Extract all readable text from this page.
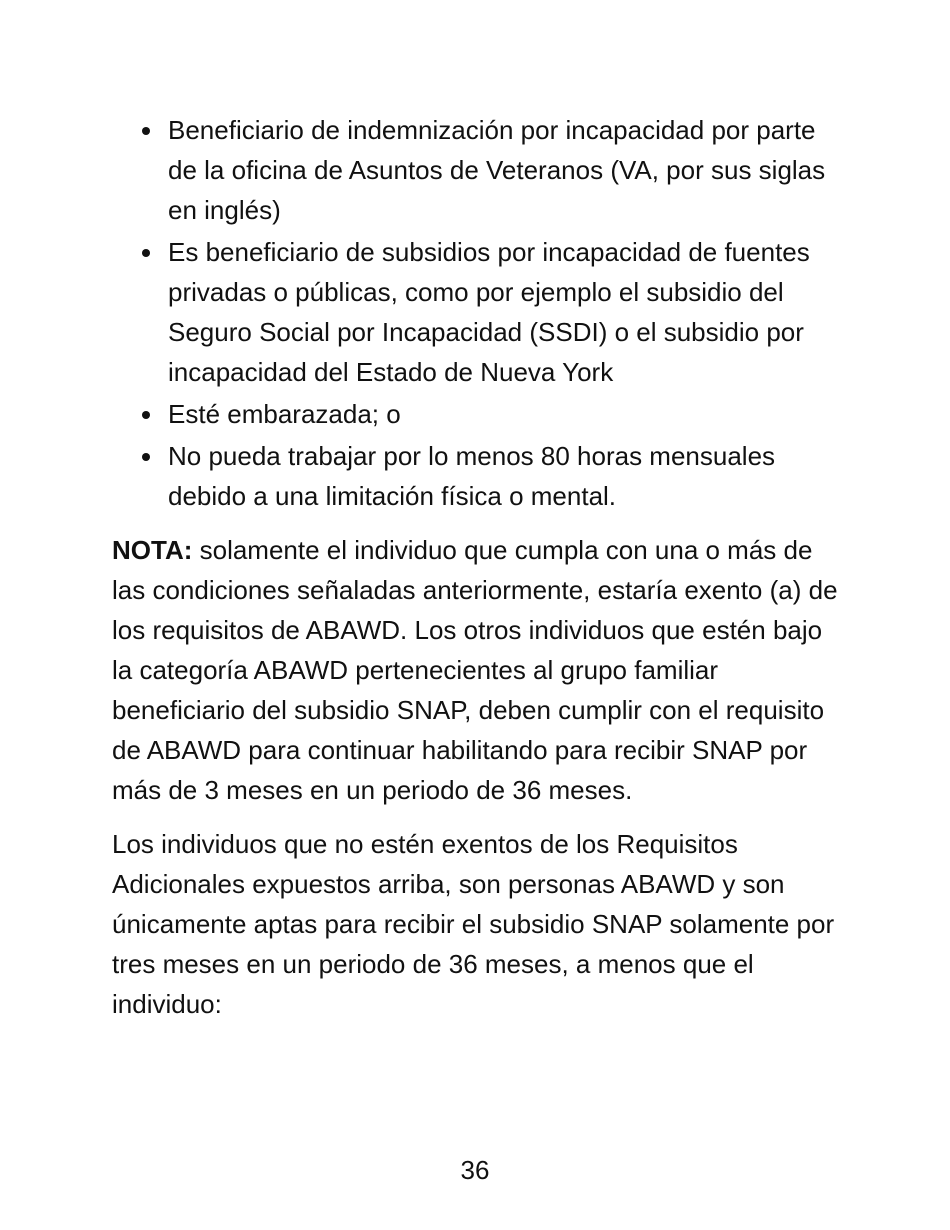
Beneficiario de indemnización por incapacidad por parte de la oficina de Asuntos de Veteranos (VA, por sus siglas en inglés)
Es beneficiario de subsidios por incapacidad de fuentes privadas o públicas, como por ejemplo el subsidio del Seguro Social por Incapacidad (SSDI) o el subsidio por incapacidad del Estado de Nueva York
Esté embarazada; o
No pueda trabajar por lo menos 80 horas mensuales debido a una limitación física o mental.

NOTA: solamente el individuo que cumpla con una o más de las condiciones señaladas anteriormente, estaría exento (a) de los requisitos de ABAWD. Los otros individuos que estén bajo la categoría ABAWD pertenecientes al grupo familiar beneficiario del subsidio SNAP, deben cumplir con el requisito de ABAWD para continuar habilitando para recibir SNAP por más de 3 meses en un periodo de 36 meses.

Los individuos que no estén exentos de los Requisitos Adicionales expuestos arriba, son personas ABAWD y son únicamente aptas para recibir el subsidio SNAP solamente por tres meses en un periodo de 36 meses, a menos que el individuo:

36
